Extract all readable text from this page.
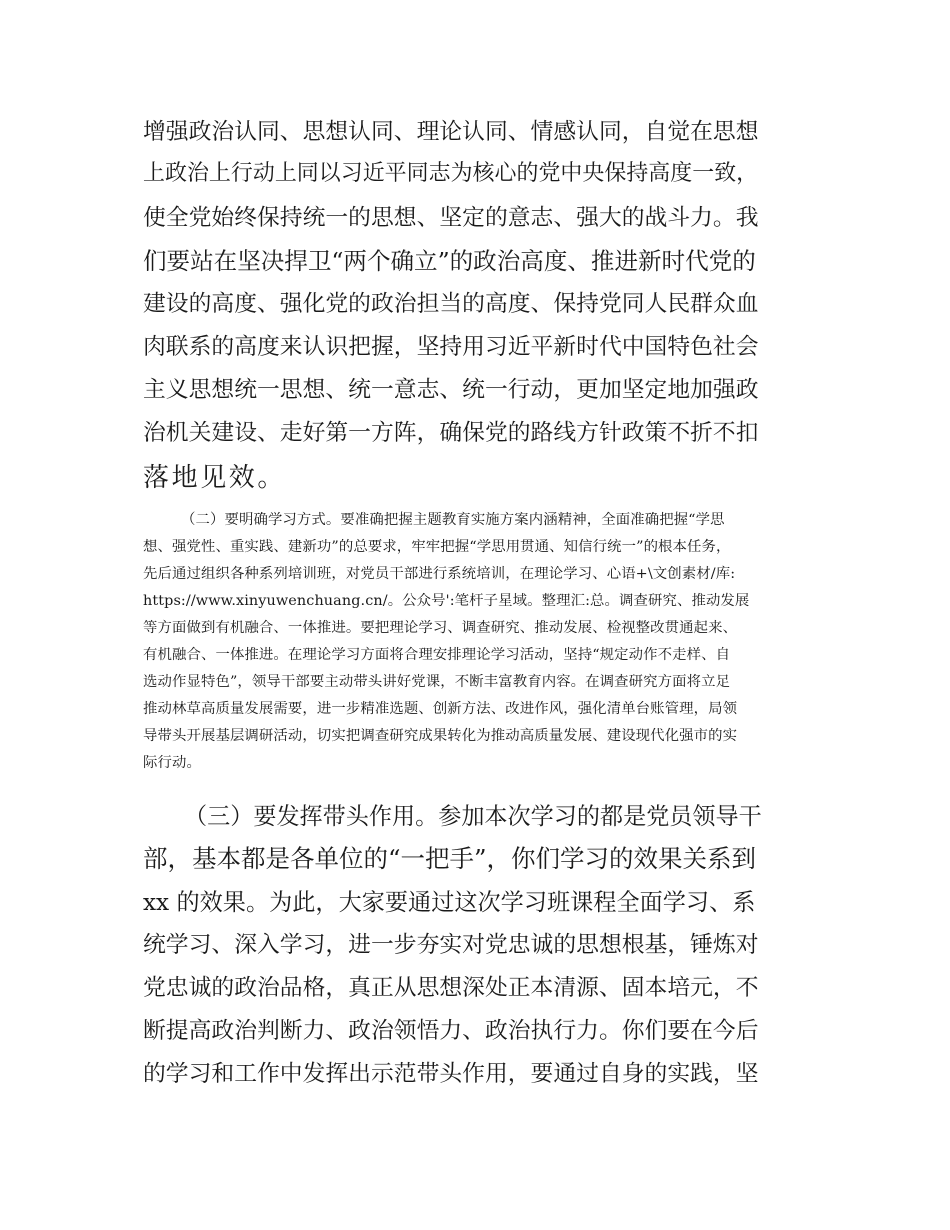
增强政治认同、思想认同、理论认同、情感认同，自觉在思想
上政治上行动上同以习近平同志为核心的党中央保持高度一致，
使全党始终保持统一的思想、坚定的意志、强大的战斗力。我
们要站在坚决捍卫“两个确立”的政治高度、推进新时代党的
建设的高度、强化党的政治担当的高度、保持党同人民群众血
肉联系的高度来认识把握，坚持用习近平新时代中国特色社会
主义思想统一思想、统一意志、统一行动，更加坚定地加强政
治机关建设、走好第一方阵，确保党的路线方针政策不折不扣
落地见效。
（二）要明确学习方式。要准确把握主题教育实施方案内涵精神，全面准确把握“学思
想、强党性、重实践、建新功”的总要求，牢牢把握“学思用贯通、知信行统一”的根本任务，
先后通过组织各种系列培训班，对党员干部进行系统培训，在理论学习、心语+\文创素材/库:
https://www.xinyuwenchuang.cn/。公众号':笔杆子星域。整理汇:总。调查研究、推动发展
等方面做到有机融合、一体推进。要把理论学习、调查研究、推动发展、检视整改贯通起来、
有机融合、一体推进。在理论学习方面将合理安排理论学习活动，坚持“规定动作不走样、自
选动作显特色”，领导干部要主动带头讲好党课，不断丰富教育内容。在调查研究方面将立足
推动林草高质量发展需要，进一步精准选题、创新方法、改进作风，强化清单台账管理，局领
导带头开展基层调研活动，切实把调查研究成果转化为推动高质量发展、建设现代化强市的实
际行动。
（三）要发挥带头作用。参加本次学习的都是党员领导干
部，基本都是各单位的“一把手”，你们学习的效果关系到
xx 的效果。为此，大家要通过这次学习班课程全面学习、系
统学习、深入学习，进一步夯实对党忠诚的思想根基，锤炼对
党忠诚的政治品格，真正从思想深处正本清源、固本培元，不
断提高政治判断力、政治领悟力、政治执行力。你们要在今后
的学习和工作中发挥出示范带头作用，要通过自身的实践，坚
